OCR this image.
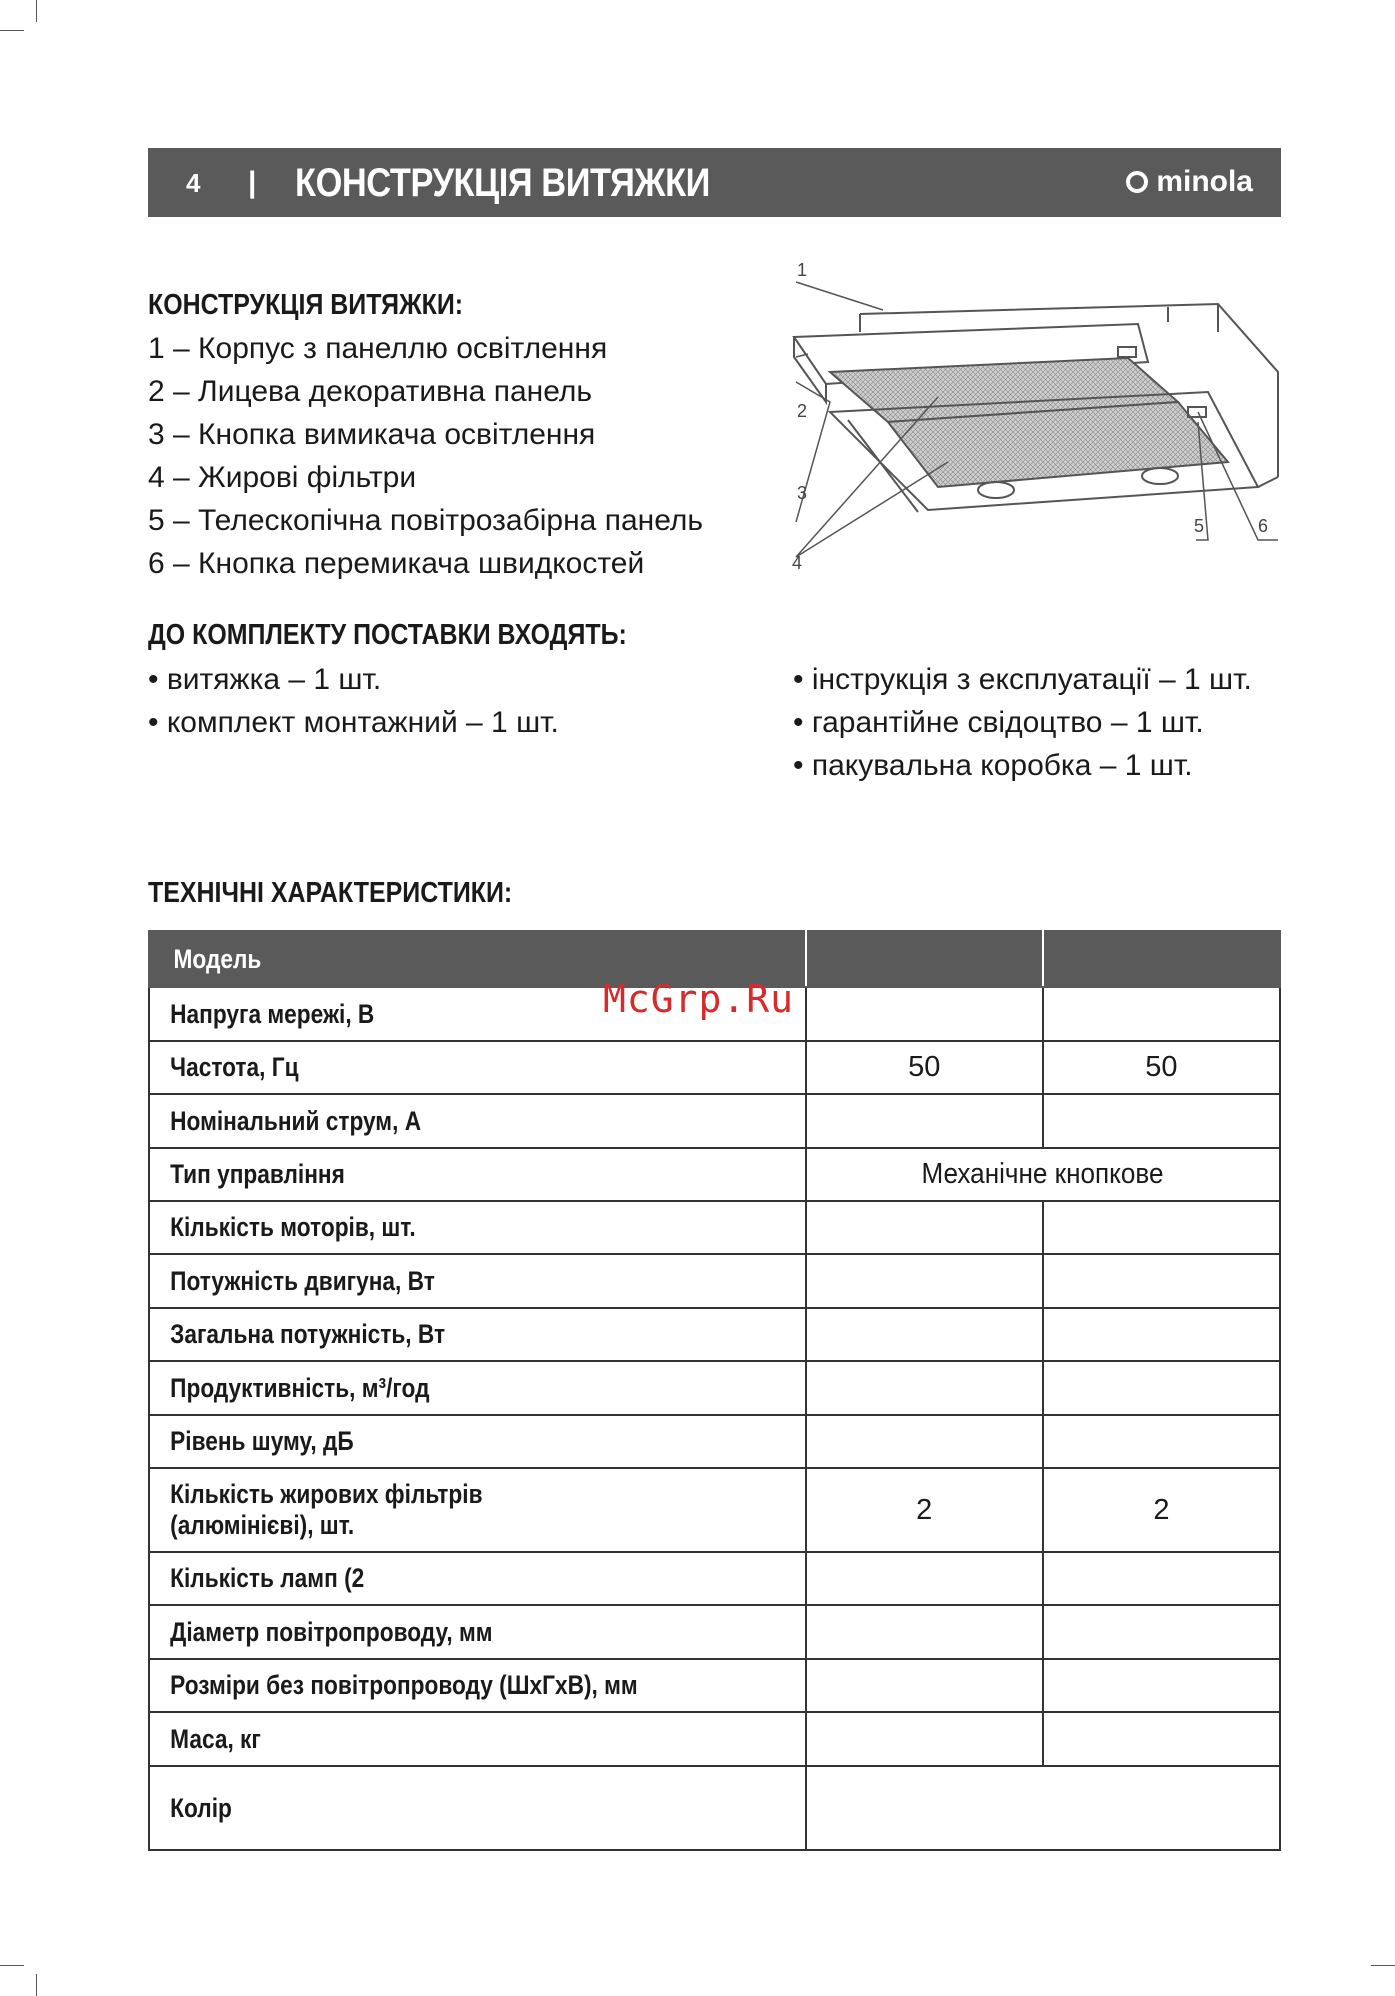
4 | КОНСТРУКЦІЯ ВИТЯЖКИ	minola
КОНСТРУКЦІЯ ВИТЯЖКИ:
1 – Корпус з панеллю освітлення
2 – Лицева декоративна панель
3 – Кнопка вимикача освітлення
4 – Жирові фільтри
5 – Телескопічна повітрозабірна панель
6 – Кнопка перемикача швидкостей
1
2
3
4
5	6
ДО КОМПЛЕКТУ ПОСТАВКИ ВХОДЯТЬ:
• витяжка – 1 шт.
• комплект монтажний – 1 шт.
• інструкція з експлуатації – 1 шт.
• гарантійне свідоцтво – 1 шт.
• пакувальна коробка – 1 шт.
ТЕХНІЧНІ ХАРАКТЕРИСТИКИ:
Модель		
Напруга мережі, В		
Частота, Гц	50	50
Номінальний струм, А		
Тип управління	Механічне кнопкове	
Кількість моторів, шт.		
Потужність двигуна, Вт		
Загальна потужність, Вт		
Продуктивність, м³/год		
Рівень шуму, дБ		
Кількість жирових фільтрів
(алюмінієві), шт.	2	2
Кількість ламп (2		
Діаметр повітропроводу, мм		
Розміри без повітропроводу (ШхГхВ), мм		
Маса, кг		
Колір		
McGrp.Ru
